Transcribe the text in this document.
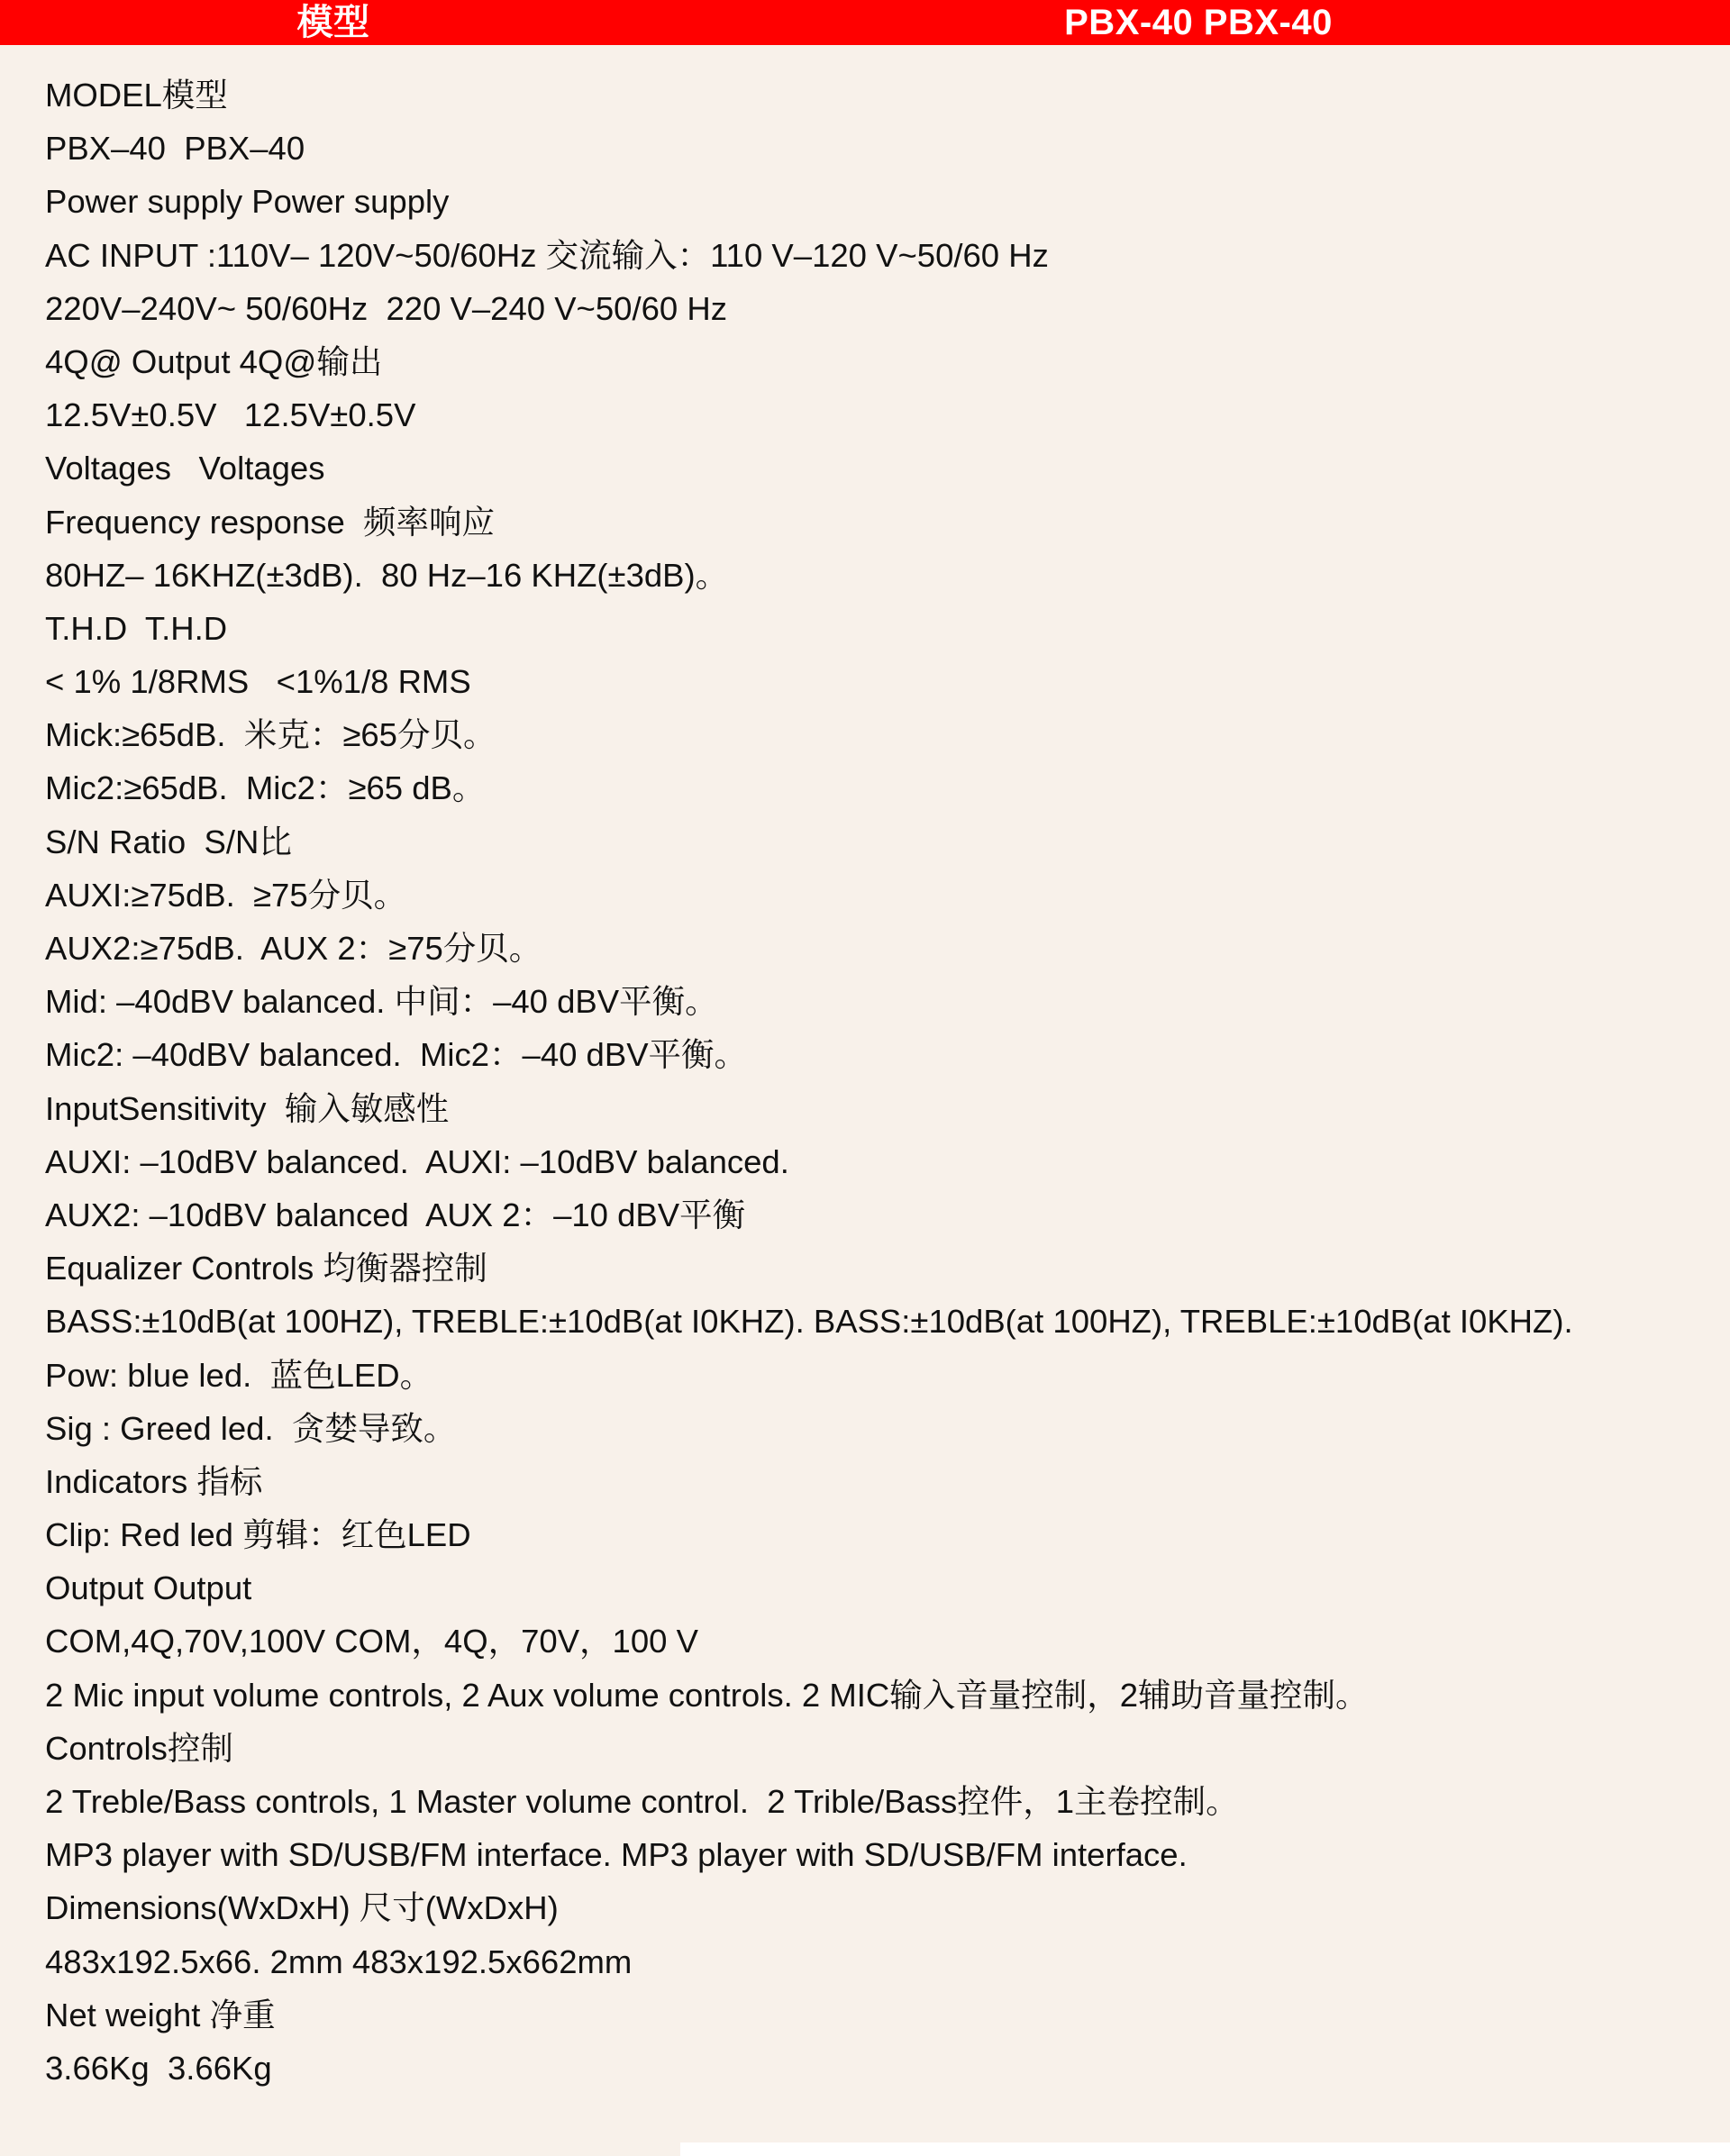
模型	PBX-40 PBX-40
MODEL模型
PBX–40  PBX–40
Power supply Power supply
AC INPUT :110V– 120V~50/60Hz 交流输入：110 V–120 V~50/60 Hz
220V–240V~ 50/60Hz  220 V–240 V~50/60 Hz
4Q@ Output 4Q@输出
12.5V±0.5V   12.5V±0.5V
Voltages   Voltages
Frequency response  频率响应
80HZ– 16KHZ(±3dB).  80 Hz–16 KHZ(±3dB)。
T.H.D  T.H.D
< 1% 1/8RMS   <1%1/8 RMS
Mick:≥65dB.  米克：≥65分贝。
Mic2:≥65dB.  Mic2：≥65 dB。
S/N Ratio  S/N比
AUXI:≥75dB.  ≥75分贝。
AUX2:≥75dB.  AUX 2：≥75分贝。
Mid: –40dBV balanced. 中间：–40 dBV平衡。
Mic2: –40dBV balanced.  Mic2：–40 dBV平衡。
InputSensitivity  输入敏感性
AUXI: –10dBV balanced.  AUXI: –10dBV balanced.
AUX2: –10dBV balanced  AUX 2：–10 dBV平衡
Equalizer Controls 均衡器控制
BASS:±10dB(at 100HZ), TREBLE:±10dB(at I0KHZ). BASS:±10dB(at 100HZ), TREBLE:±10dB(at I0KHZ).
Pow: blue led.  蓝色LED。
Sig : Greed led.  贪婪导致。
Indicators 指标
Clip: Red led 剪辑：红色LED
Output Output
COM,4Q,70V,100V COM，4Q，70V，100 V
2 Mic input volume controls, 2 Aux volume controls. 2 MIC输入音量控制，2辅助音量控制。
Controls控制
2 Treble/Bass controls, 1 Master volume control.  2 Trible/Bass控件，1主卷控制。
MP3 player with SD/USB/FM interface. MP3 player with SD/USB/FM interface.
Dimensions(WxDxH) 尺寸(WxDxH)
483x192.5x66. 2mm 483x192.5x662mm
Net weight 净重
3.66Kg  3.66Kg
